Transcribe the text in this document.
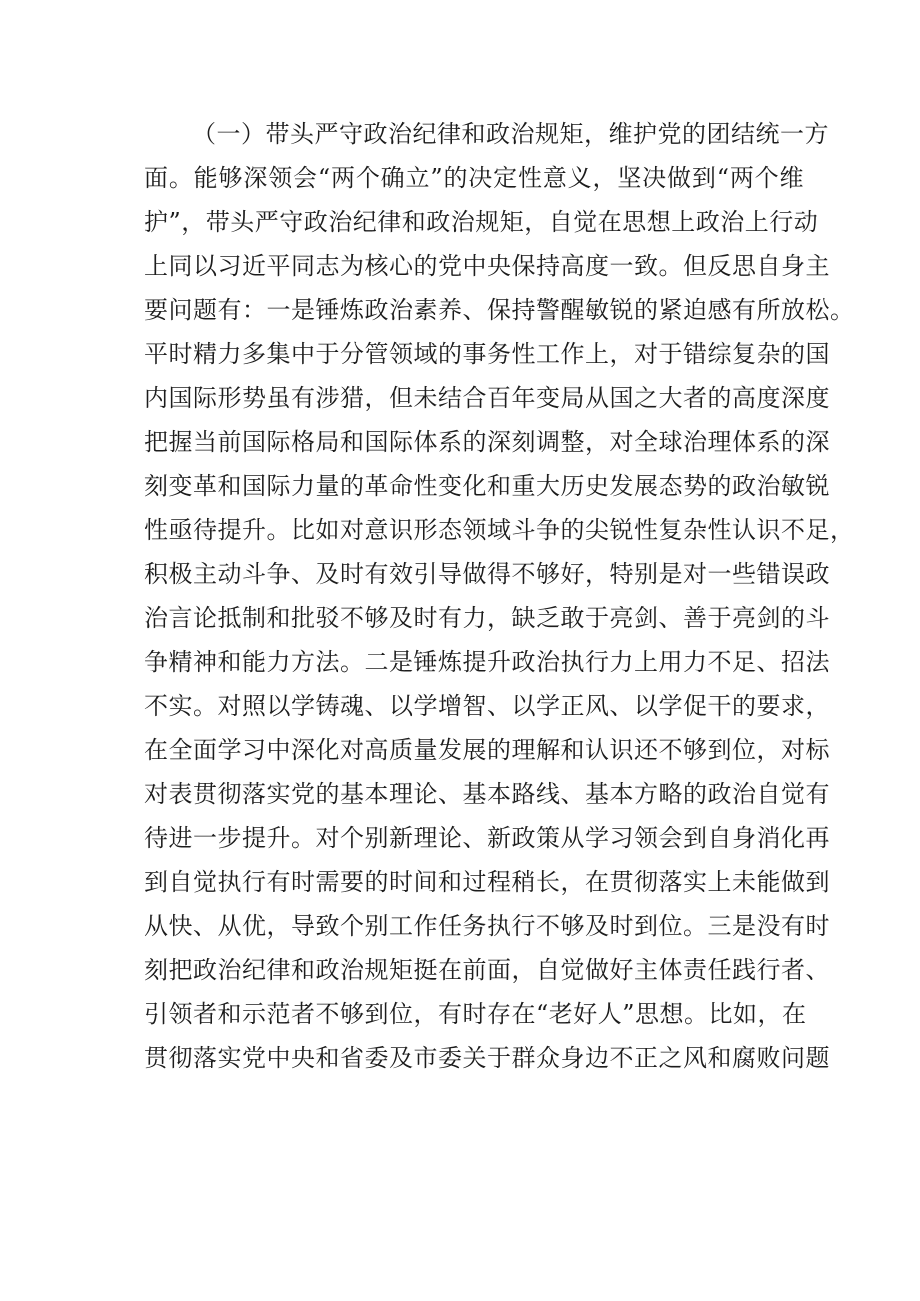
（一）带头严守政治纪律和政治规矩，维护党的团结统一方
面。能够深领会“两个确立”的决定性意义，坚决做到“两个维
护”，带头严守政治纪律和政治规矩，自觉在思想上政治上行动
上同以习近平同志为核心的党中央保持高度一致。但反思自身主
要问题有：一是锤炼政治素养、保持警醒敏锐的紧迫感有所放松。
平时精力多集中于分管领域的事务性工作上，对于错综复杂的国
内国际形势虽有涉猎，但未结合百年变局从国之大者的高度深度
把握当前国际格局和国际体系的深刻调整，对全球治理体系的深
刻变革和国际力量的革命性变化和重大历史发展态势的政治敏锐
性亟待提升。比如对意识形态领域斗争的尖锐性复杂性认识不足，
积极主动斗争、及时有效引导做得不够好，特别是对一些错误政
治言论抵制和批驳不够及时有力，缺乏敢于亮剑、善于亮剑的斗
争精神和能力方法。二是锤炼提升政治执行力上用力不足、招法
不实。对照以学铸魂、以学增智、以学正风、以学促干的要求，
在全面学习中深化对高质量发展的理解和认识还不够到位，对标
对表贯彻落实党的基本理论、基本路线、基本方略的政治自觉有
待进一步提升。对个别新理论、新政策从学习领会到自身消化再
到自觉执行有时需要的时间和过程稍长，在贯彻落实上未能做到
从快、从优，导致个别工作任务执行不够及时到位。三是没有时
刻把政治纪律和政治规矩挺在前面，自觉做好主体责任践行者、
引领者和示范者不够到位，有时存在“老好人”思想。比如，在
贯彻落实党中央和省委及市委关于群众身边不正之风和腐败问题
